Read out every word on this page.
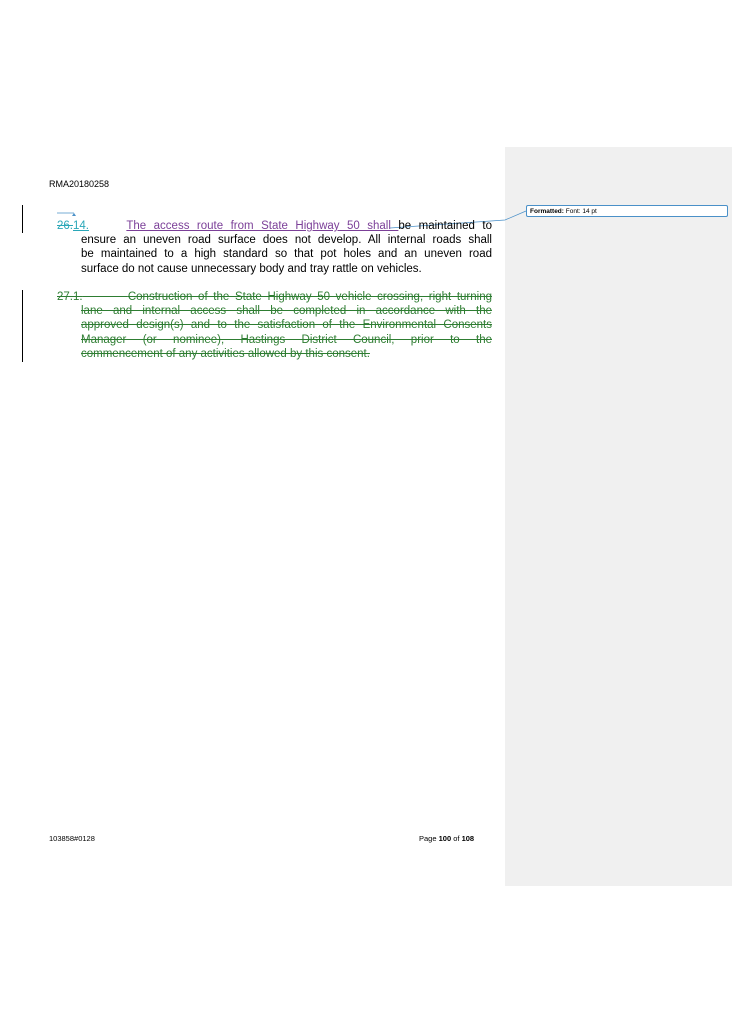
Formatted: Font: 14 pt
RMA20180258
26.14.	The access route from State Highway 50 shall be maintained to
ensure an uneven road surface does not develop. All internal roads shall
be maintained to a high standard so that pot holes and an uneven road
surface do not cause unnecessary body and tray rattle on vehicles.
27.1.	Construction of the State Highway 50 vehicle crossing, right turning
lane and internal access shall be completed in accordance with the
approved design(s) and to the satisfaction of the Environmental Consents
Manager (or nominee), Hastings District Council, prior to the
commencement of any activities allowed by this consent.
103858#0128	Page 100 of 108
